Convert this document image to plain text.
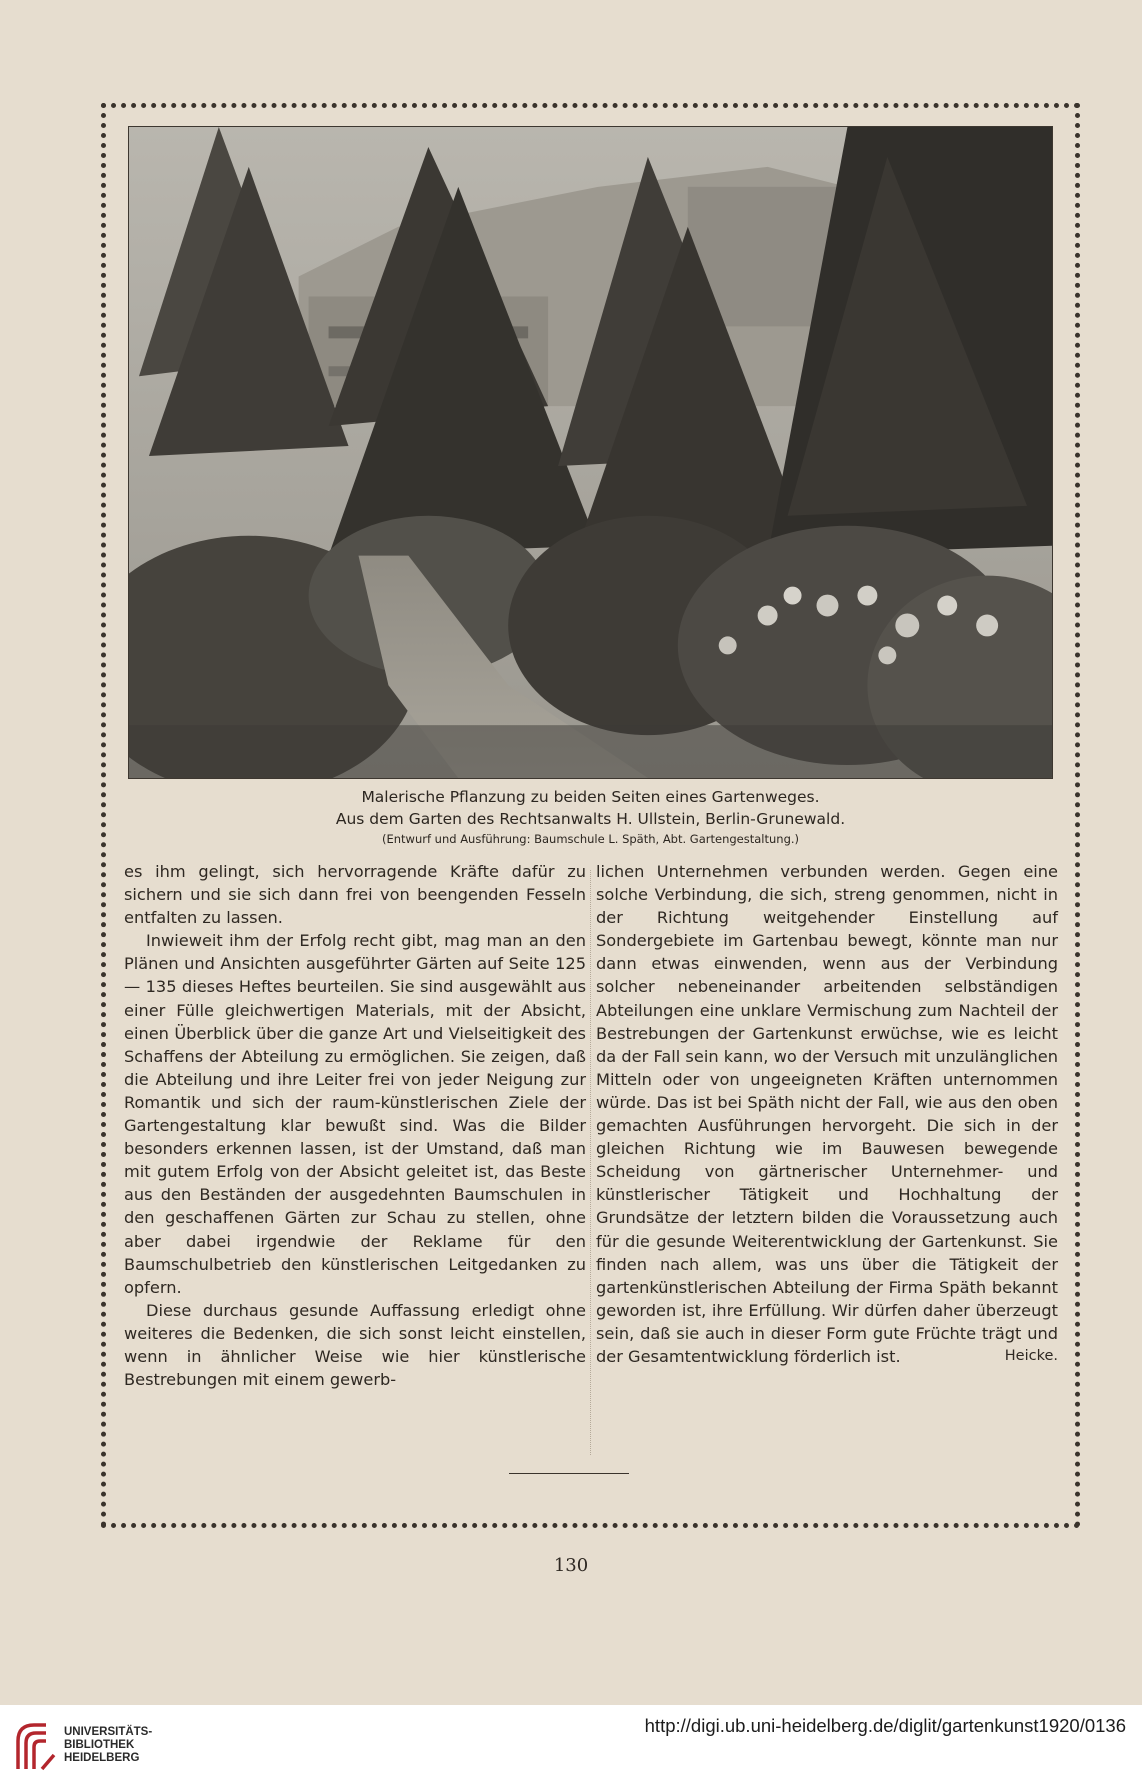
Malerische Pflanzung zu beiden Seiten eines Gartenweges.
Aus dem Garten des Rechtsanwalts H. Ullstein, Berlin-Grunewald.
(Entwurf und Ausführung: Baumschule L. Späth, Abt. Gartengestaltung.)

es ihm gelingt, sich hervorragende Kräfte dafür zu sichern und sie sich dann frei von beengenden Fesseln entfalten zu lassen.

Inwieweit ihm der Erfolg recht gibt, mag man an den Plänen und Ansichten ausgeführter Gärten auf Seite 125 — 135 dieses Heftes beurteilen. Sie sind ausgewählt aus einer Fülle gleichwertigen Materials, mit der Absicht, einen Überblick über die ganze Art und Vielseitigkeit des Schaffens der Abteilung zu ermöglichen. Sie zeigen, daß die Abteilung und ihre Leiter frei von jeder Neigung zur Romantik und sich der raum-künstlerischen Ziele der Gartengestaltung klar bewußt sind. Was die Bilder besonders erkennen lassen, ist der Umstand, daß man mit gutem Erfolg von der Absicht geleitet ist, das Beste aus den Beständen der ausgedehnten Baumschulen in den geschaffenen Gärten zur Schau zu stellen, ohne aber dabei irgendwie der Reklame für den Baumschulbetrieb den künstlerischen Leitgedanken zu opfern.

Diese durchaus gesunde Auffassung erledigt ohne weiteres die Bedenken, die sich sonst leicht einstellen, wenn in ähnlicher Weise wie hier künstlerische Bestrebungen mit einem gewerb-

lichen Unternehmen verbunden werden. Gegen eine solche Verbindung, die sich, streng genommen, nicht in der Richtung weitgehender Einstellung auf Sondergebiete im Gartenbau bewegt, könnte man nur dann etwas einwenden, wenn aus der Verbindung solcher nebeneinander arbeitenden selbständigen Abteilungen eine unklare Vermischung zum Nachteil der Bestrebungen der Gartenkunst erwüchse, wie es leicht da der Fall sein kann, wo der Versuch mit unzulänglichen Mitteln oder von ungeeigneten Kräften unternommen würde. Das ist bei Späth nicht der Fall, wie aus den oben gemachten Ausführungen hervorgeht. Die sich in der gleichen Richtung wie im Bauwesen bewegende Scheidung von gärtnerischer Unternehmer- und künstlerischer Tätigkeit und Hochhaltung der Grundsätze der letztern bilden die Voraussetzung auch für die gesunde Weiterentwicklung der Gartenkunst. Sie finden nach allem, was uns über die Tätigkeit der gartenkünstlerischen Abteilung der Firma Späth bekannt geworden ist, ihre Erfüllung. Wir dürfen daher überzeugt sein, daß sie auch in dieser Form gute Früchte trägt und der Gesamtentwicklung förderlich ist.	Heicke.

130
UNIVERSITÄTS-
BIBLIOTHEK
HEIDELBERG
http://digi.ub.uni-heidelberg.de/diglit/gartenkunst1920/0136
